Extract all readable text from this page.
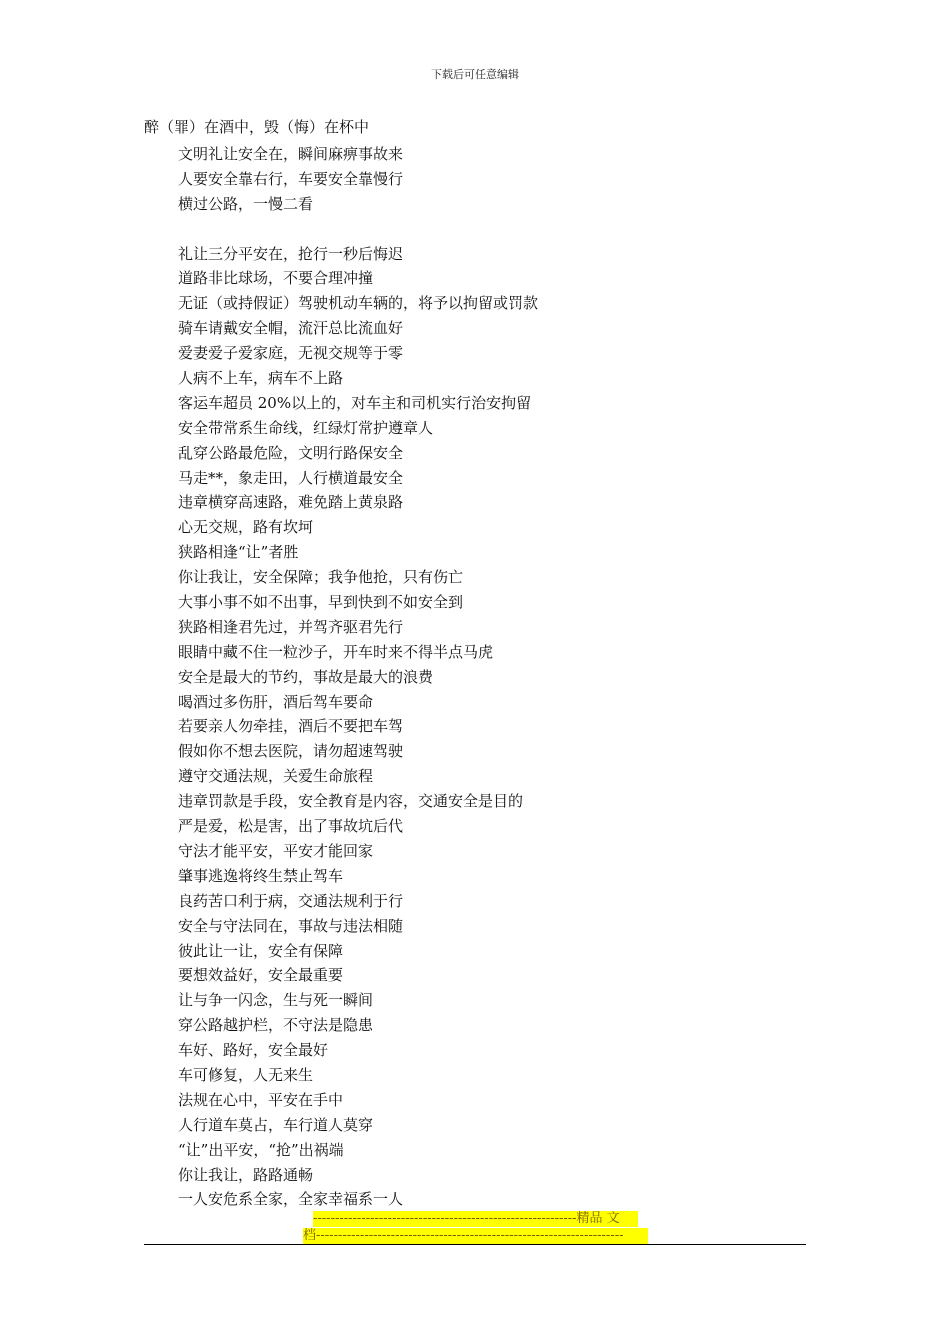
下载后可任意编辑
醉（罪）在酒中，毁（悔）在杯中
文明礼让安全在，瞬间麻痹事故来
人要安全靠右行，车要安全靠慢行
横过公路，一慢二看
礼让三分平安在，抢行一秒后悔迟
道路非比球场，不要合理冲撞
无证（或持假证）驾驶机动车辆的，将予以拘留或罚款
骑车请戴安全帽，流汗总比流血好
爱妻爱子爱家庭，无视交规等于零
人病不上车，病车不上路
客运车超员 20%以上的，对车主和司机实行治安拘留
安全带常系生命线，红绿灯常护遵章人
乱穿公路最危险，文明行路保安全
马走**，象走田，人行横道最安全
违章横穿高速路，难免踏上黄泉路
心无交规，路有坎坷
狭路相逢“让”者胜
你让我让，安全保障；我争他抢，只有伤亡
大事小事不如不出事，早到快到不如安全到
狭路相逢君先过，并驾齐驱君先行
眼睛中藏不住一粒沙子，开车时来不得半点马虎
安全是最大的节约，事故是最大的浪费
喝酒过多伤肝，酒后驾车要命
若要亲人勿牵挂，酒后不要把车驾
假如你不想去医院，请勿超速驾驶
遵守交通法规，关爱生命旅程
违章罚款是手段，安全教育是内容，交通安全是目的
严是爱，松是害，出了事故坑后代
守法才能平安，平安才能回家
肇事逃逸将终生禁止驾车
良药苦口利于病，交通法规利于行
安全与守法同在，事故与违法相随
彼此让一让，安全有保障
要想效益好，安全最重要
让与争一闪念，生与死一瞬间
穿公路越护栏，不守法是隐患
车好、路好，安全最好
车可修复，人无来生
法规在心中，平安在手中
人行道车莫占，车行道人莫穿
“让”出平安，“抢”出祸端
你让我让，路路通畅
一人安危系全家，全家幸福系一人
------------------------------------------------------------精品 文
档----------------------------------------------------------------------
